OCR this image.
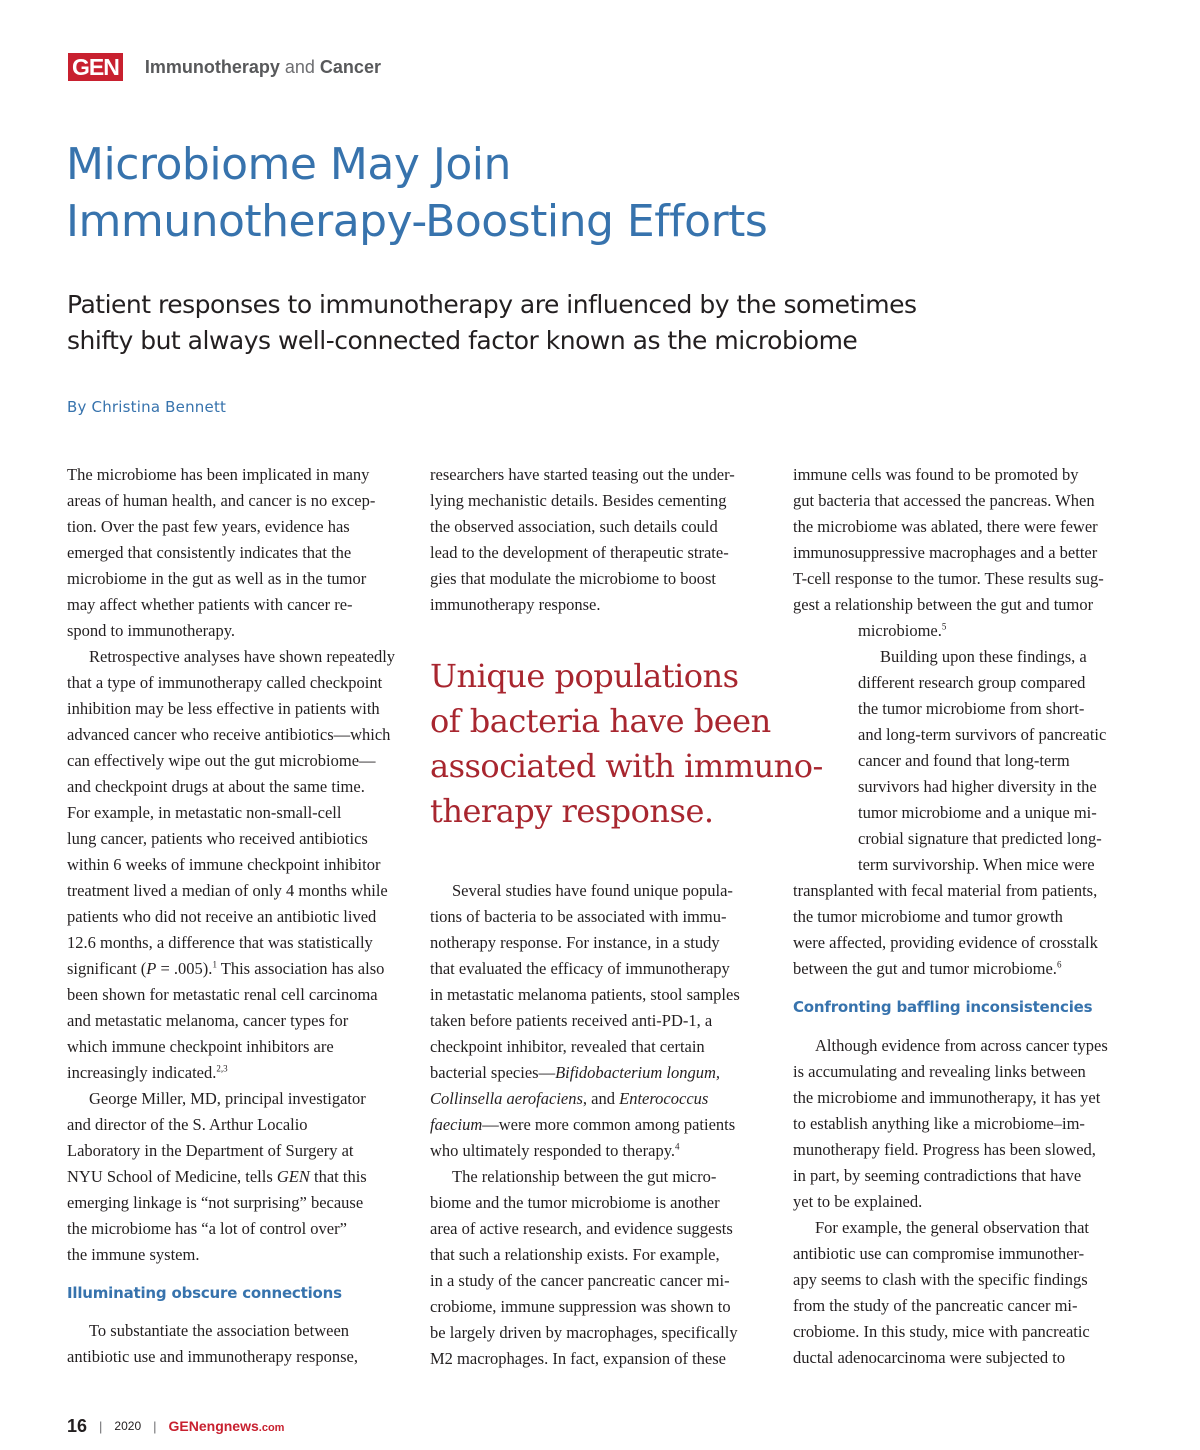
GEN Immunotherapy and Cancer
Microbiome May Join
Immunotherapy-Boosting Efforts
Patient responses to immunotherapy are influenced by the sometimes
shifty but always well-connected factor known as the microbiome
By Christina Bennett
The microbiome has been implicated in many
areas of human health, and cancer is no excep-
tion. Over the past few years, evidence has
emerged that consistently indicates that the
microbiome in the gut as well as in the tumor
may affect whether patients with cancer re-
spond to immunotherapy.
Retrospective analyses have shown repeatedly
that a type of immunotherapy called checkpoint
inhibition may be less effective in patients with
advanced cancer who receive antibiotics—which
can effectively wipe out the gut microbiome—
and checkpoint drugs at about the same time.
For example, in metastatic non-small-cell
lung cancer, patients who received antibiotics
within 6 weeks of immune checkpoint inhibitor
treatment lived a median of only 4 months while
patients who did not receive an antibiotic lived
12.6 months, a difference that was statistically
significant (P = .005).$^1$ This association has also
been shown for metastatic renal cell carcinoma
and metastatic melanoma, cancer types for
which immune checkpoint inhibitors are
increasingly indicated.$^{2,3}$
George Miller, MD, principal investigator
and director of the S. Arthur Localio
Laboratory in the Department of Surgery at
NYU School of Medicine, tells GEN that this
emerging linkage is “not surprising” because
the microbiome has “a lot of control over”
the immune system.
Illuminating obscure connections
To substantiate the association between
antibiotic use and immunotherapy response,
researchers have started teasing out the under-
lying mechanistic details. Besides cementing
the observed association, such details could
lead to the development of therapeutic strate-
gies that modulate the microbiome to boost
immunotherapy response.
Unique populations
of bacteria have been
associated with immuno-
therapy response.
Several studies have found unique popula-
tions of bacteria to be associated with immu-
notherapy response. For instance, in a study
that evaluated the efficacy of immunotherapy
in metastatic melanoma patients, stool samples
taken before patients received anti-PD-1, a
checkpoint inhibitor, revealed that certain
bacterial species—Bifidobacterium longum,
Collinsella aerofaciens, and Enterococcus
faecium—were more common among patients
who ultimately responded to therapy.$^4$
The relationship between the gut micro-
biome and the tumor microbiome is another
area of active research, and evidence suggests
that such a relationship exists. For example,
in a study of the cancer pancreatic cancer mi-
crobiome, immune suppression was shown to
be largely driven by macrophages, specifically
M2 macrophages. In fact, expansion of these
immune cells was found to be promoted by
gut bacteria that accessed the pancreas. When
the microbiome was ablated, there were fewer
immunosuppressive macrophages and a better
T-cell response to the tumor. These results sug-
gest a relationship between the gut and tumor
microbiome.$^5$
Building upon these findings, a
different research group compared
the tumor microbiome from short-
and long-term survivors of pancreatic
cancer and found that long-term
survivors had higher diversity in the
tumor microbiome and a unique mi-
crobial signature that predicted long-
term survivorship. When mice were
transplanted with fecal material from patients,
the tumor microbiome and tumor growth
were affected, providing evidence of crosstalk
between the gut and tumor microbiome.$^6$
Confronting baffling inconsistencies
Although evidence from across cancer types
is accumulating and revealing links between
the microbiome and immunotherapy, it has yet
to establish anything like a microbiome–im-
munotherapy field. Progress has been slowed,
in part, by seeming contradictions that have
yet to be explained.
For example, the general observation that
antibiotic use can compromise immunother-
apy seems to clash with the specific findings
from the study of the pancreatic cancer mi-
crobiome. In this study, mice with pancreatic
ductal adenocarcinoma were subjected to
16 | 2020 | GENengnews.com
